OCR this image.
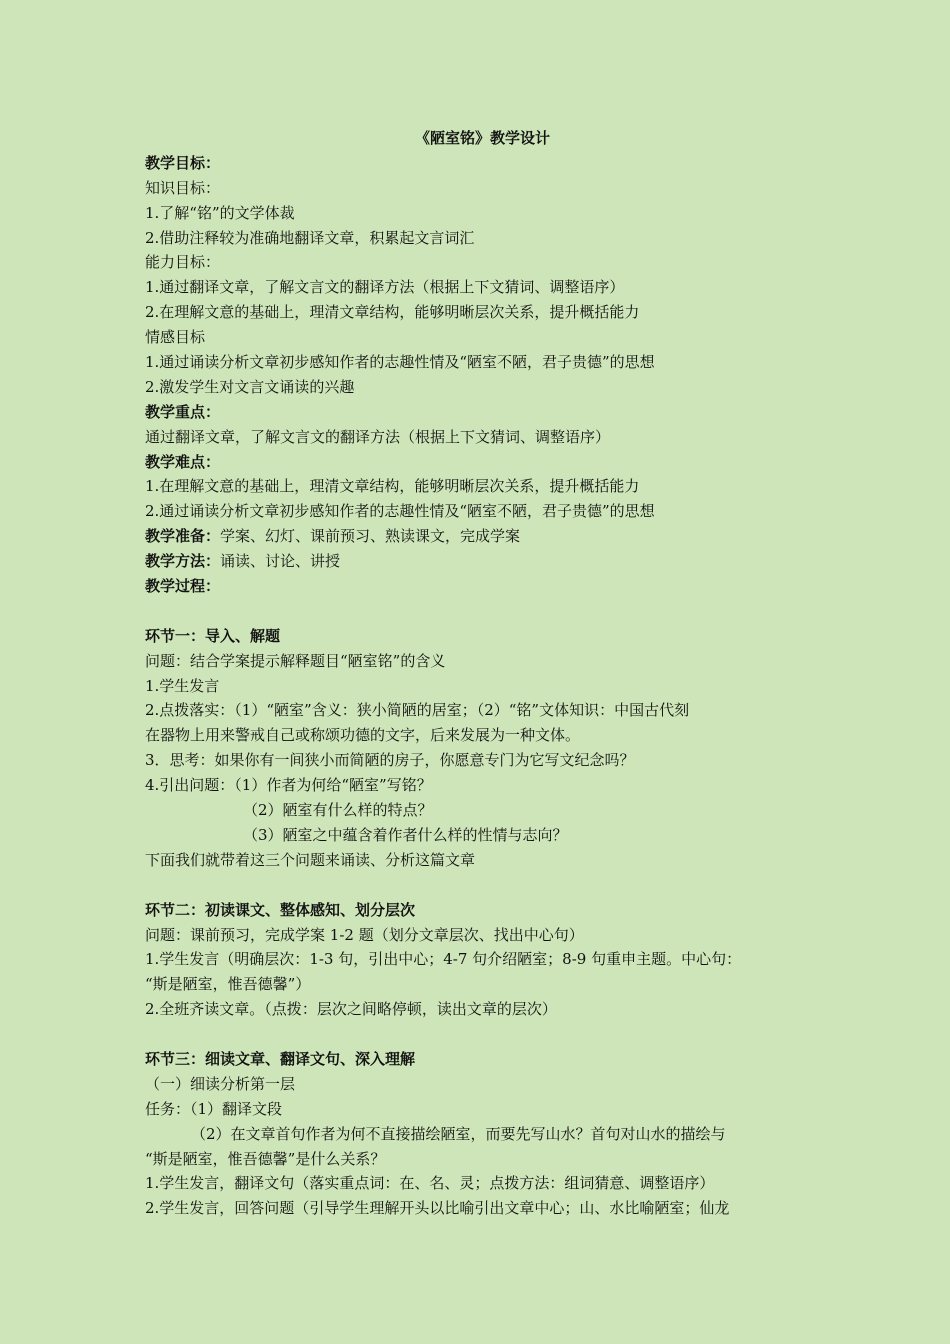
《陋室铭》教学设计
教学目标：
知识目标：
1.了解“铭”的文学体裁
2.借助注释较为准确地翻译文章，积累起文言词汇
能力目标：
1.通过翻译文章，了解文言文的翻译方法（根据上下文猜词、调整语序）
2.在理解文意的基础上，理清文章结构，能够明晰层次关系，提升概括能力
情感目标
1.通过诵读分析文章初步感知作者的志趣性情及“陋室不陋，君子贵德”的思想
2.激发学生对文言文诵读的兴趣
教学重点：
通过翻译文章，了解文言文的翻译方法（根据上下文猜词、调整语序）
教学难点：
1.在理解文意的基础上，理清文章结构，能够明晰层次关系，提升概括能力
2.通过诵读分析文章初步感知作者的志趣性情及“陋室不陋，君子贵德”的思想
教学准备：学案、幻灯、课前预习、熟读课文，完成学案
教学方法：诵读、讨论、讲授
教学过程：
环节一：导入、解题
问题：结合学案提示解释题目“陋室铭”的含义
1.学生发言
2.点拨落实：（1）“陋室”含义：狭小简陋的居室；（2）“铭”文体知识：中国古代刻
在器物上用来警戒自己或称颂功德的文字，后来发展为一种文体。
3．思考：如果你有一间狭小而简陋的房子，你愿意专门为它写文纪念吗？
4.引出问题：（1）作者为何给“陋室”写铭？
（2）陋室有什么样的特点？
（3）陋室之中蕴含着作者什么样的性情与志向？
下面我们就带着这三个问题来诵读、分析这篇文章
环节二：初读课文、整体感知、划分层次
问题：课前预习，完成学案 1-2 题（划分文章层次、找出中心句）
1.学生发言（明确层次：1-3 句，引出中心；4-7 句介绍陋室；8-9 句重申主题。中心句：
“斯是陋室，惟吾德馨”）
2.全班齐读文章。（点拨：层次之间略停顿，读出文章的层次）
环节三：细读文章、翻译文句、深入理解
（一）细读分析第一层
任务：（1）翻译文段
（2）在文章首句作者为何不直接描绘陋室，而要先写山水？首句对山水的描绘与
“斯是陋室，惟吾德馨”是什么关系？
1.学生发言，翻译文句（落实重点词：在、名、灵；点拨方法：组词猜意、调整语序）
2.学生发言，回答问题（引导学生理解开头以比喻引出文章中心；山、水比喻陋室；仙龙
